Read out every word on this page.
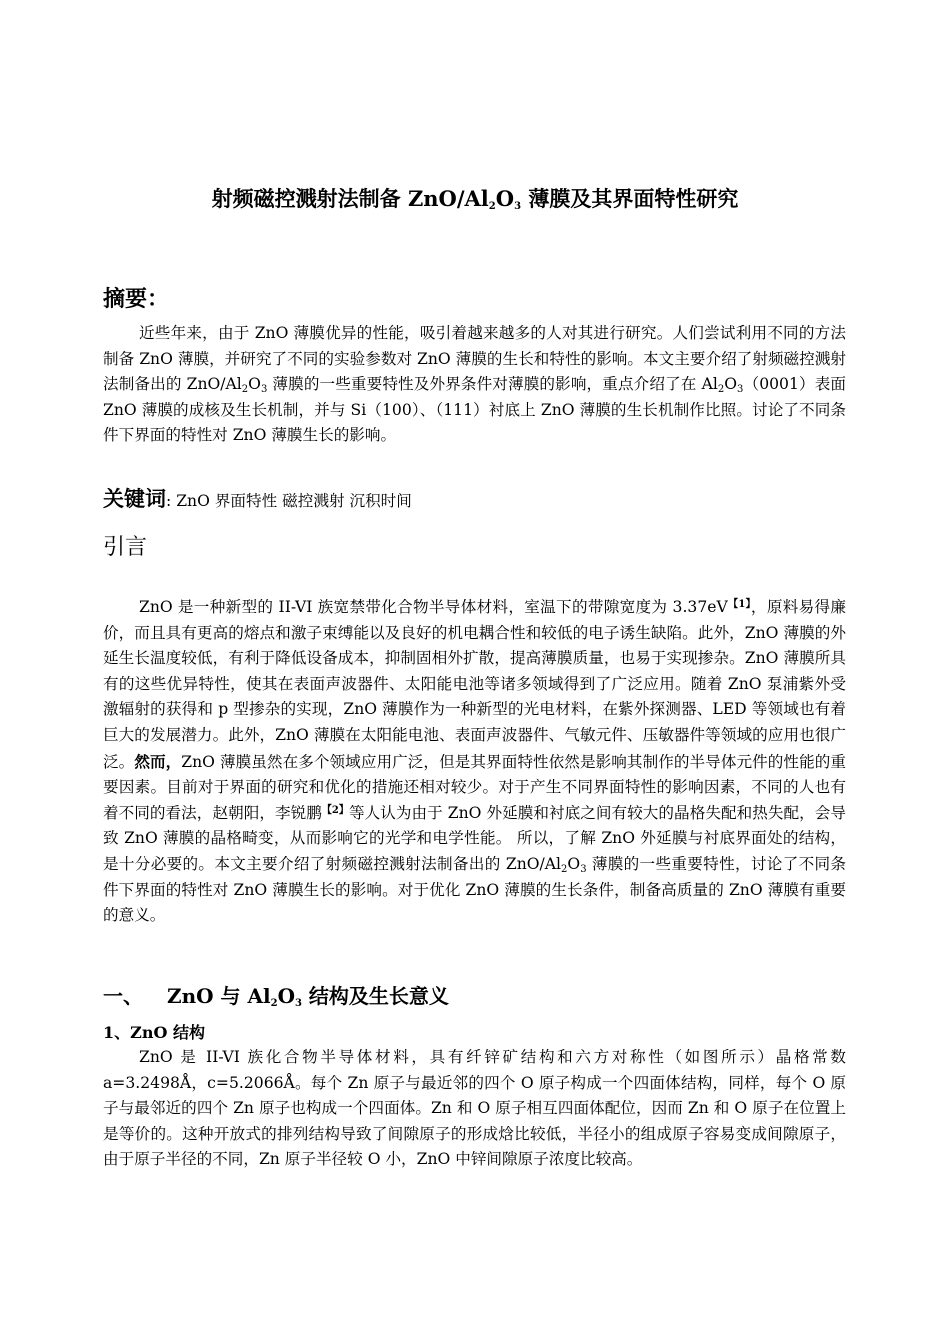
射频磁控溅射法制备 ZnO/$Al_2O_3$ 薄膜及其界面特性研究
摘要：

近些年来，由于 ZnO 薄膜优异的性能，吸引着越来越多的人对其进行研究。人们尝试利用不同的方法制备 ZnO 薄膜，并研究了不同的实验参数对 ZnO 薄膜的生长和特性的影响。本文主要介绍了射频磁控溅射法制备出的 ZnO/$Al_2O_3$ 薄膜的一些重要特性及外界条件对薄膜的影响，重点介绍了在 $Al_2O_3(0001)$表面 ZnO 薄膜的成核及生长机制，并与 Si（100）、（111）衬底上 ZnO 薄膜的生长机制作比照。讨论了不同条件下界面的特性对 ZnO 薄膜生长的影响。

关键词: ZnO 界面特性 磁控溅射 沉积时间
引言

ZnO 是一种新型的 II-VI 族宽禁带化合物半导体材料，室温下的带隙宽度为 $3.37eV^{【1】}$，原料易得廉价，而且具有更高的熔点和激子束缚能以及良好的机电耦合性和较低的电子诱生缺陷。此外，ZnO 薄膜的外延生长温度较低，有利于降低设备成本，抑制固相外扩散，提高薄膜质量，也易于实现掺杂。ZnO 薄膜所具有的这些优异特性，使其在表面声波器件、太阳能电池等诸多领域得到了广泛应用。随着 ZnO 泵浦紫外受激辐射的获得和 p 型掺杂的实现，ZnO 薄膜作为一种新型的光电材料，在紫外探测器、LED 等领域也有着巨大的发展潜力。此外，ZnO 薄膜在太阳能电池、表面声波器件、气敏元件、压敏器件等领域的应用也很广泛。然而，ZnO 薄膜虽然在多个领域应用广泛，但是其界面特性依然是影响其制作的半导体元件的性能的重要因素。目前对于界面的研究和优化的措施还相对较少。对于产生不同界面特性的影响因素，不同的人也有着不同的看法，赵朝阳，李锐鹏$^{【2】}$等人认为由于 ZnO 外延膜和衬底之间有较大的晶格失配和热失配，会导致 ZnO 薄膜的晶格畸变，从而影响它的光学和电学性能。 所以，了解 ZnO 外延膜与衬底界面处的结构， 是十分必要的。本文主要介绍了射频磁控溅射法制备出的 ZnO/$Al_2O_3$ 薄膜的一些重要特性，讨论了不同条件下界面的特性对 ZnO 薄膜生长的影响。对于优化 ZnO 薄膜的生长条件，制备高质量的 ZnO 薄膜有重要的意义。

一、 ZnO 与 $Al_2O_3$ 结构及生长意义
1、ZnO 结构

ZnO 是 II-VI 族化合物半导体材料，具有纤锌矿结构和六方对称性（如图所示）晶格常数 a=3.2498Å，c=5.2066Å。每个 Zn 原子与最近邻的四个 O 原子构成一个四面体结构，同样，每个 O 原子与最邻近的四个 Zn 原子也构成一个四面体。Zn 和 O 原子相互四面体配位，因而 Zn 和 O 原子在位置上是等价的。这种开放式的排列结构导致了间隙原子的形成焓比较低，半径小的组成原子容易变成间隙原子，由于原子半径的不同，Zn 原子半径较 O 小，ZnO 中锌间隙原子浓度比较高。
